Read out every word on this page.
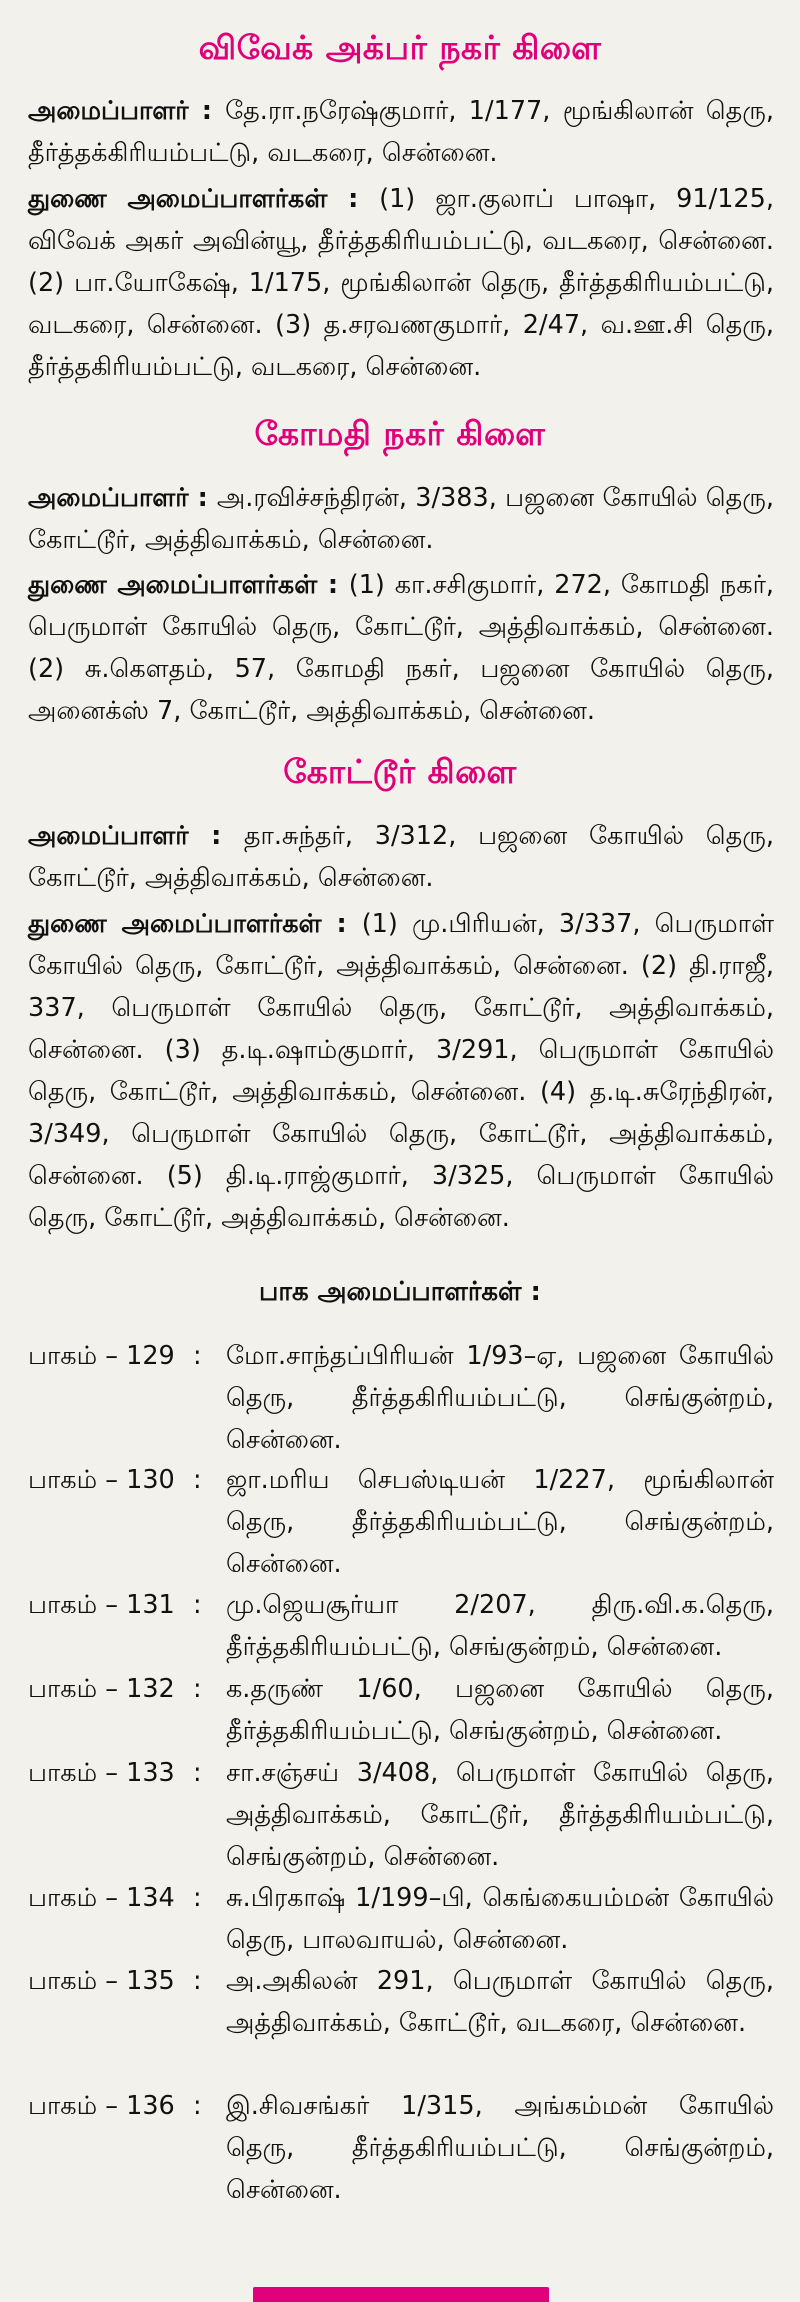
விவேக் அக்பர் நகர் கிளை

அமைப்பாளர் : தே.ரா.நரேஷ்குமார், 1/177, மூங்கிலான் தெரு, தீர்த்தக்கிரியம்பட்டு, வடகரை, சென்னை.

துணை அமைப்பாளர்கள் : (1) ஜா.குலாப் பாஷா, 91/125, விவேக் அகர் அவின்யூ, தீர்த்தகிரியம்பட்டு, வடகரை, சென்னை. (2) பா.யோகேஷ், 1/175, மூங்கிலான் தெரு, தீர்த்தகிரியம்பட்டு, வடகரை, சென்னை. (3) த.சரவணகுமார், 2/47, வ.ஊ.சி தெரு, தீர்த்தகிரியம்பட்டு, வடகரை, சென்னை.

கோமதி நகர் கிளை

அமைப்பாளர் : அ.ரவிச்சந்திரன், 3/383, பஜனை கோயில் தெரு, கோட்டூர், அத்திவாக்கம், சென்னை.

துணை அமைப்பாளர்கள் : (1) கா.சசிகுமார், 272, கோமதி நகர், பெருமாள் கோயில் தெரு, கோட்டூர், அத்திவாக்கம், சென்னை. (2) சு.கௌதம், 57, கோமதி நகர், பஜனை கோயில் தெரு, அனைக்ஸ் 7, கோட்டூர், அத்திவாக்கம், சென்னை.

கோட்டூர் கிளை

அமைப்பாளர் : தா.சுந்தர், 3/312, பஜனை கோயில் தெரு, கோட்டூர், அத்திவாக்கம், சென்னை.

துணை அமைப்பாளர்கள் : (1) மு.பிரியன், 3/337, பெருமாள் கோயில் தெரு, கோட்டூர், அத்திவாக்கம், சென்னை. (2) தி.ராஜீ, 337, பெருமாள் கோயில் தெரு, கோட்டூர், அத்திவாக்கம், சென்னை. (3) த.டி.ஷாம்குமார், 3/291, பெருமாள் கோயில் தெரு, கோட்டூர், அத்திவாக்கம், சென்னை. (4) த.டி.சுரேந்திரன், 3/349, பெருமாள் கோயில் தெரு, கோட்டூர், அத்திவாக்கம், சென்னை. (5) தி.டி.ராஜ்குமார், 3/325, பெருமாள் கோயில் தெரு, கோட்டூர், அத்திவாக்கம், சென்னை.

பாக அமைப்பாளர்கள் :
பாகம் – 129 : மோ.சாந்தப்பிரியன் 1/93–ஏ, பஜனை கோயில் தெரு, தீர்த்தகிரியம்பட்டு, செங்குன்றம், சென்னை.
பாகம் – 130 : ஜா.மரிய செபஸ்டியன் 1/227, மூங்கிலான் தெரு, தீர்த்தகிரியம்பட்டு, செங்குன்றம், சென்னை.
பாகம் – 131 : மு.ஜெயசூர்யா 2/207, திரு.வி.க.தெரு, தீர்த்தகிரியம்பட்டு, செங்குன்றம், சென்னை.
பாகம் – 132 : க.தருண் 1/60, பஜனை கோயில் தெரு, தீர்த்தகிரியம்பட்டு, செங்குன்றம், சென்னை.
பாகம் – 133 : சா.சஞ்சய் 3/408, பெருமாள் கோயில் தெரு, அத்திவாக்கம், கோட்டூர், தீர்த்தகிரியம்பட்டு, செங்குன்றம், சென்னை.
பாகம் – 134 : சு.பிரகாஷ் 1/199–பி, கெங்கையம்மன் கோயில் தெரு, பாலவாயல், சென்னை.
பாகம் – 135 : அ.அகிலன் 291, பெருமாள் கோயில் தெரு, அத்திவாக்கம், கோட்டூர், வடகரை, சென்னை.
பாகம் – 136 : இ.சிவசங்கர் 1/315, அங்கம்மன் கோயில் தெரு, தீர்த்தகிரியம்பட்டு, செங்குன்றம், சென்னை.
